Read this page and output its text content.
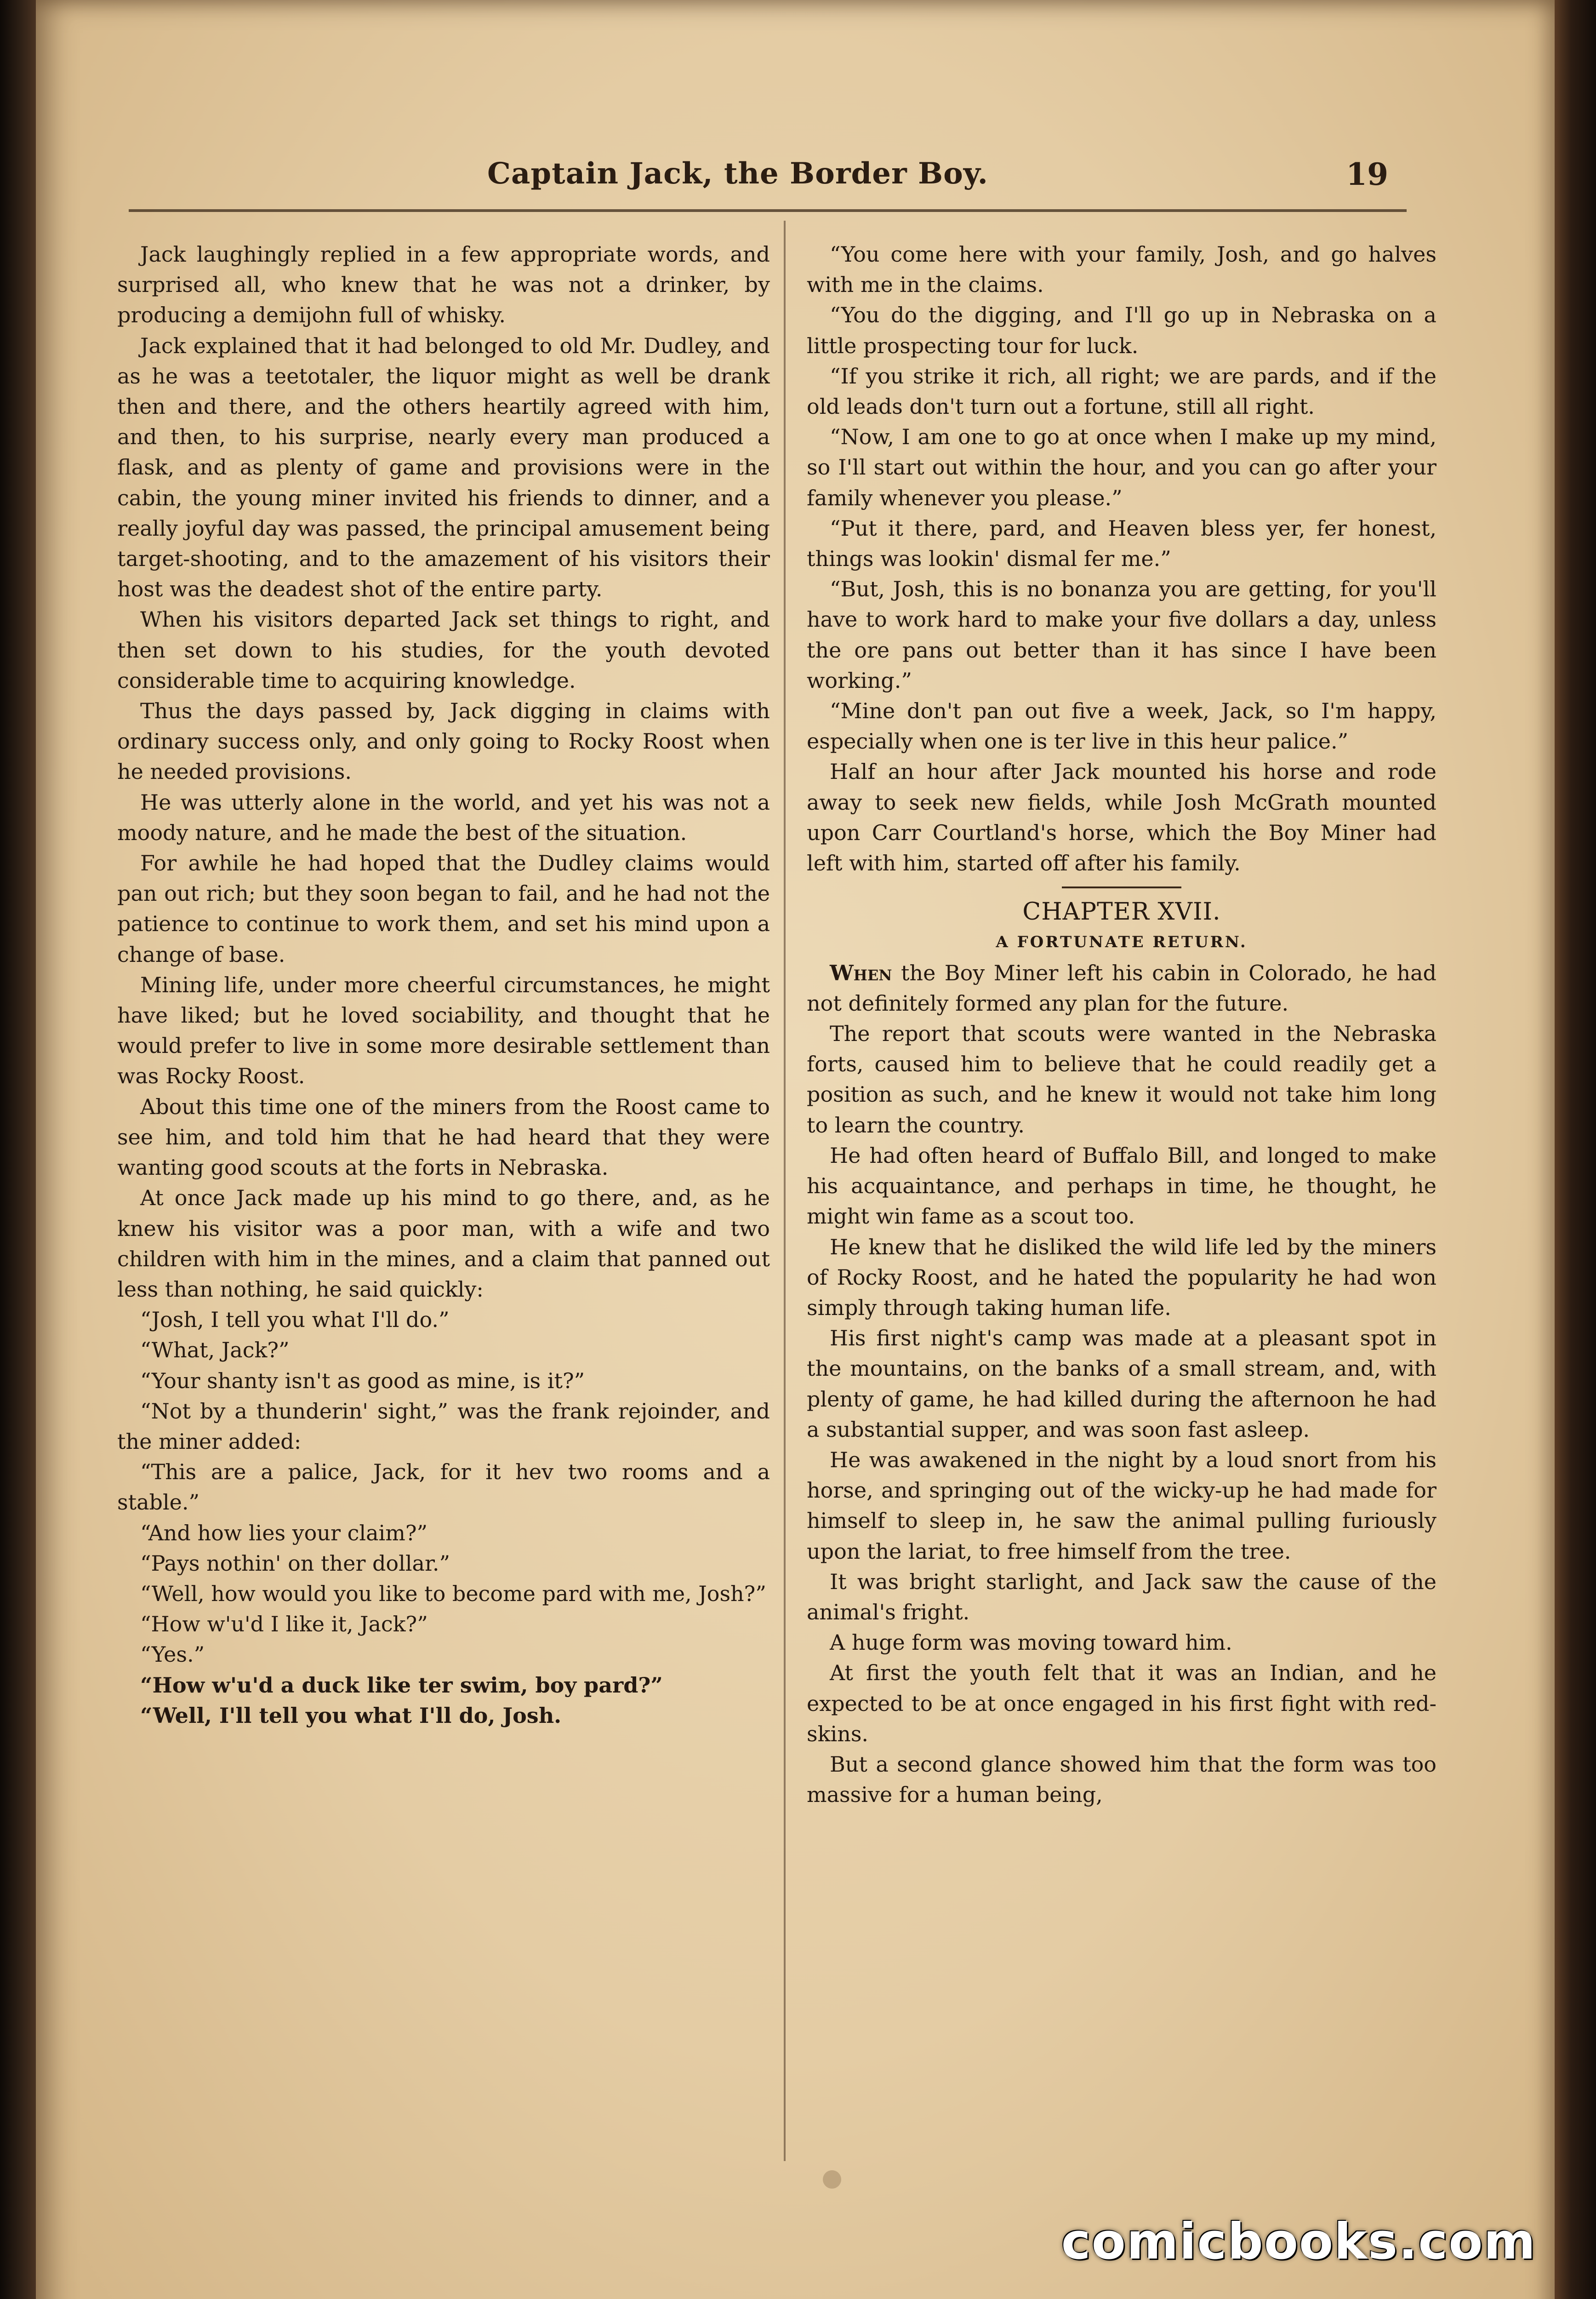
Captain Jack, the Border Boy.	19

Jack laughingly replied in a few appropriate words, and surprised all, who knew that he was not a drinker, by producing a demijohn full of whisky.

Jack explained that it had belonged to old Mr. Dudley, and as he was a teetotaler, the liquor might as well be drank then and there, and the others heartily agreed with him, and then, to his surprise, nearly every man produced a flask, and as plenty of game and provisions were in the cabin, the young miner invited his friends to dinner, and a really joyful day was passed, the principal amusement being target-shooting, and to the amazement of his visitors their host was the deadest shot of the entire party.

When his visitors departed Jack set things to right, and then set down to his studies, for the youth devoted considerable time to acquiring knowledge.

Thus the days passed by, Jack digging in claims with ordinary success only, and only going to Rocky Roost when he needed provisions.

He was utterly alone in the world, and yet his was not a moody nature, and he made the best of the situation.

For awhile he had hoped that the Dudley claims would pan out rich; but they soon began to fail, and he had not the patience to continue to work them, and set his mind upon a change of base.

Mining life, under more cheerful circumstances, he might have liked; but he loved sociability, and thought that he would prefer to live in some more desirable settlement than was Rocky Roost.

About this time one of the miners from the Roost came to see him, and told him that he had heard that they were wanting good scouts at the forts in Nebraska.

At once Jack made up his mind to go there, and, as he knew his visitor was a poor man, with a wife and two children with him in the mines, and a claim that panned out less than nothing, he said quickly:

“Josh, I tell you what I'll do.”

“What, Jack?”

“Your shanty isn't as good as mine, is it?”

“Not by a thunderin' sight,” was the frank rejoinder, and the miner added:

“This are a palice, Jack, for it hev two rooms and a stable.”

“And how lies your claim?”

“Pays nothin' on ther dollar.”

“Well, how would you like to become pard with me, Josh?”

“How w'u'd I like it, Jack?”

“Yes.”

“How w'u'd a duck like ter swim, boy pard?”

“Well, I'll tell you what I'll do, Josh.

“You come here with your family, Josh, and go halves with me in the claims.

“You do the digging, and I'll go up in Nebraska on a little prospecting tour for luck.

“If you strike it rich, all right; we are pards, and if the old leads don't turn out a fortune, still all right.

“Now, I am one to go at once when I make up my mind, so I'll start out within the hour, and you can go after your family whenever you please.”

“Put it there, pard, and Heaven bless yer, fer honest, things was lookin' dismal fer me.”

“But, Josh, this is no bonanza you are getting, for you'll have to work hard to make your five dollars a day, unless the ore pans out better than it has since I have been working.”

“Mine don't pan out five a week, Jack, so I'm happy, especially when one is ter live in this heur palice.”

Half an hour after Jack mounted his horse and rode away to seek new fields, while Josh McGrath mounted upon Carr Courtland's horse, which the Boy Miner had left with him, started off after his family.

CHAPTER XVII.

A FORTUNATE RETURN.

When the Boy Miner left his cabin in Colorado, he had not definitely formed any plan for the future.

The report that scouts were wanted in the Nebraska forts, caused him to believe that he could readily get a position as such, and he knew it would not take him long to learn the country.

He had often heard of Buffalo Bill, and longed to make his acquaintance, and perhaps in time, he thought, he might win fame as a scout too.

He knew that he disliked the wild life led by the miners of Rocky Roost, and he hated the popularity he had won simply through taking human life.

His first night's camp was made at a pleasant spot in the mountains, on the banks of a small stream, and, with plenty of game, he had killed during the afternoon he had a substantial supper, and was soon fast asleep.

He was awakened in the night by a loud snort from his horse, and springing out of the wicky-up he had made for himself to sleep in, he saw the animal pulling furiously upon the lariat, to free himself from the tree.

It was bright starlight, and Jack saw the cause of the animal's fright.

A huge form was moving toward him.

At first the youth felt that it was an Indian, and he expected to be at once engaged in his first fight with red-skins.

But a second glance showed him that the form was too massive for a human being,

comicbooks.com
